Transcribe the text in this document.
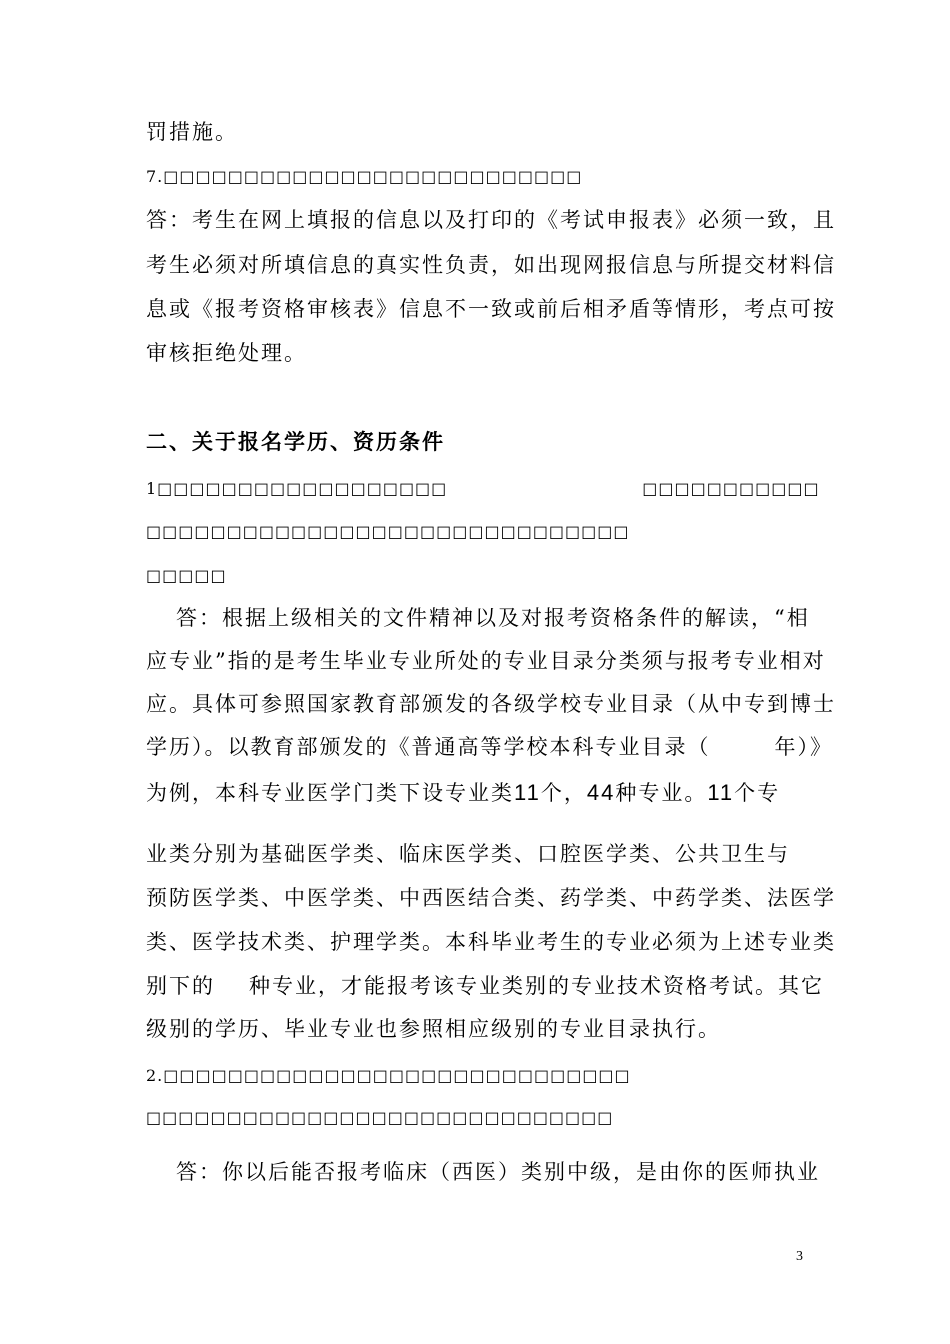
罚措施。
7.□□□□□□□□□□□□□□□□□□□□□□□□□□
答：考生在网上填报的信息以及打印的《考试申报表》必须一致，且
考生必须对所填信息的真实性负责，如出现网报信息与所提交材料信
息或《报考资格审核表》信息不一致或前后相矛盾等情形，考点可按
审核拒绝处理。
二、关于报名学历、资历条件
1□□□□□□□□□□□□□□□□□□	□□□□□□□□□□□
□□□□□□□□□□□□□□□□□□□□□□□□□□□□□□
□□□□□
答：根据上级相关的文件精神以及对报考资格条件的解读，“相
应专业”指的是考生毕业专业所处的专业目录分类须与报考专业相对
应。具体可参照国家教育部颁发的各级学校专业目录（从中专到博士
学历）。以教育部颁发的《普通高等学校本科专业目录（	年）》
为例，本科专业医学门类下设专业类11个，44种专业。11个专
业类分别为基础医学类、临床医学类、口腔医学类、公共卫生与
预防医学类、中医学类、中西医结合类、药学类、中药学类、法医学
类、医学技术类、护理学类。本科毕业考生的专业必须为上述专业类
别下的 种专业，才能报考该专业类别的专业技术资格考试。其它
级别的学历、毕业专业也参照相应级别的专业目录执行。
2.□□□□□□□□□□□□□□□□□□□□□□□□□□□□□
□□□□□□□□□□□□□□□□□□□□□□□□□□□□□
答：你以后能否报考临床（西医）类别中级，是由你的医师执业
3
